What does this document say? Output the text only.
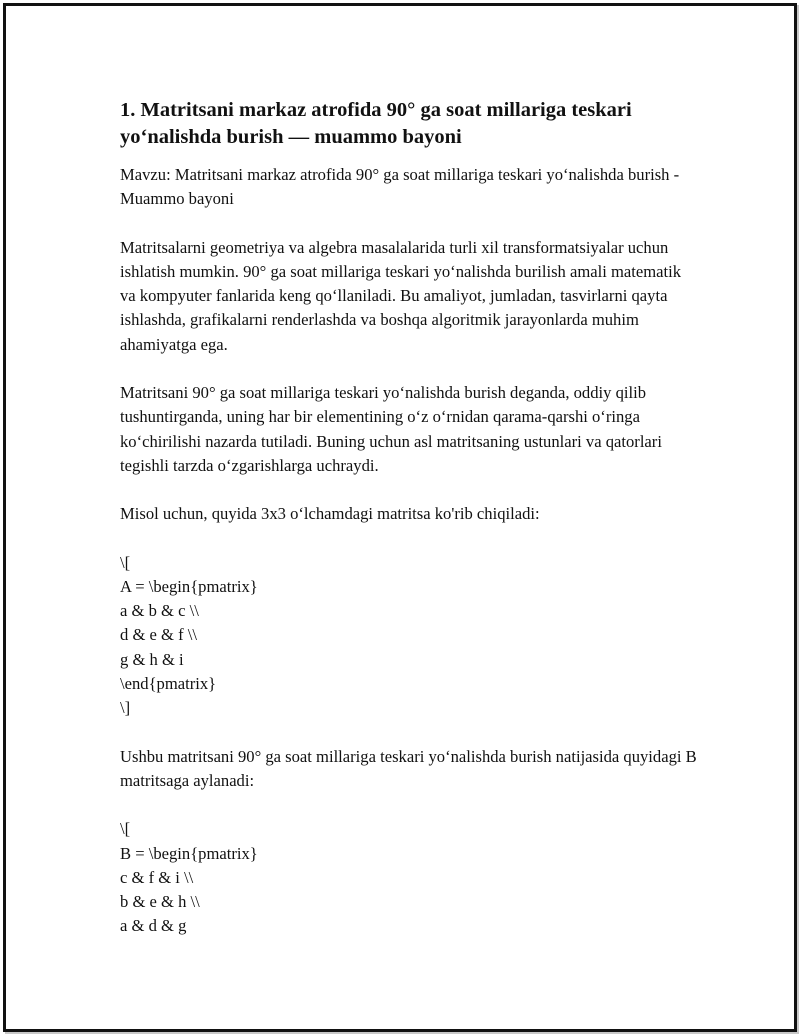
1. Matritsani markaz atrofida 90° ga soat millariga teskari yo‘nalishda burish — muammo bayoni

Mavzu: Matritsani markaz atrofida 90° ga soat millariga teskari yo‘nalishda burish - Muammo bayoni

Matritsalarni geometriya va algebra masalalarida turli xil transformatsiyalar uchun ishlatish mumkin. 90° ga soat millariga teskari yo‘nalishda burilish amali matematik va kompyuter fanlarida keng qo‘llaniladi. Bu amaliyot, jumladan, tasvirlarni qayta ishlashda, grafikalarni renderlashda va boshqa algoritmik jarayonlarda muhim ahamiyatga ega.

Matritsani 90° ga soat millariga teskari yo‘nalishda burish deganda, oddiy qilib tushuntirganda, uning har bir elementining o‘z o‘rnidan qarama-qarshi o‘ringa ko‘chirilishi nazarda tutiladi. Buning uchun asl matritsaning ustunlari va qatorlari tegishli tarzda o‘zgarishlarga uchraydi.

Misol uchun, quyida 3x3 o‘lchamdagi matritsa ko'rib chiqiladi:

\[
A = \begin{pmatrix}
a & b & c \\
d & e & f \\
g & h & i
\end{pmatrix}
\]

Ushbu matritsani 90° ga soat millariga teskari yo‘nalishda burish natijasida quyidagi B matritsaga aylanadi:

\[
B = \begin{pmatrix}
c & f & i \\
b & e & h \\
a & d & g
